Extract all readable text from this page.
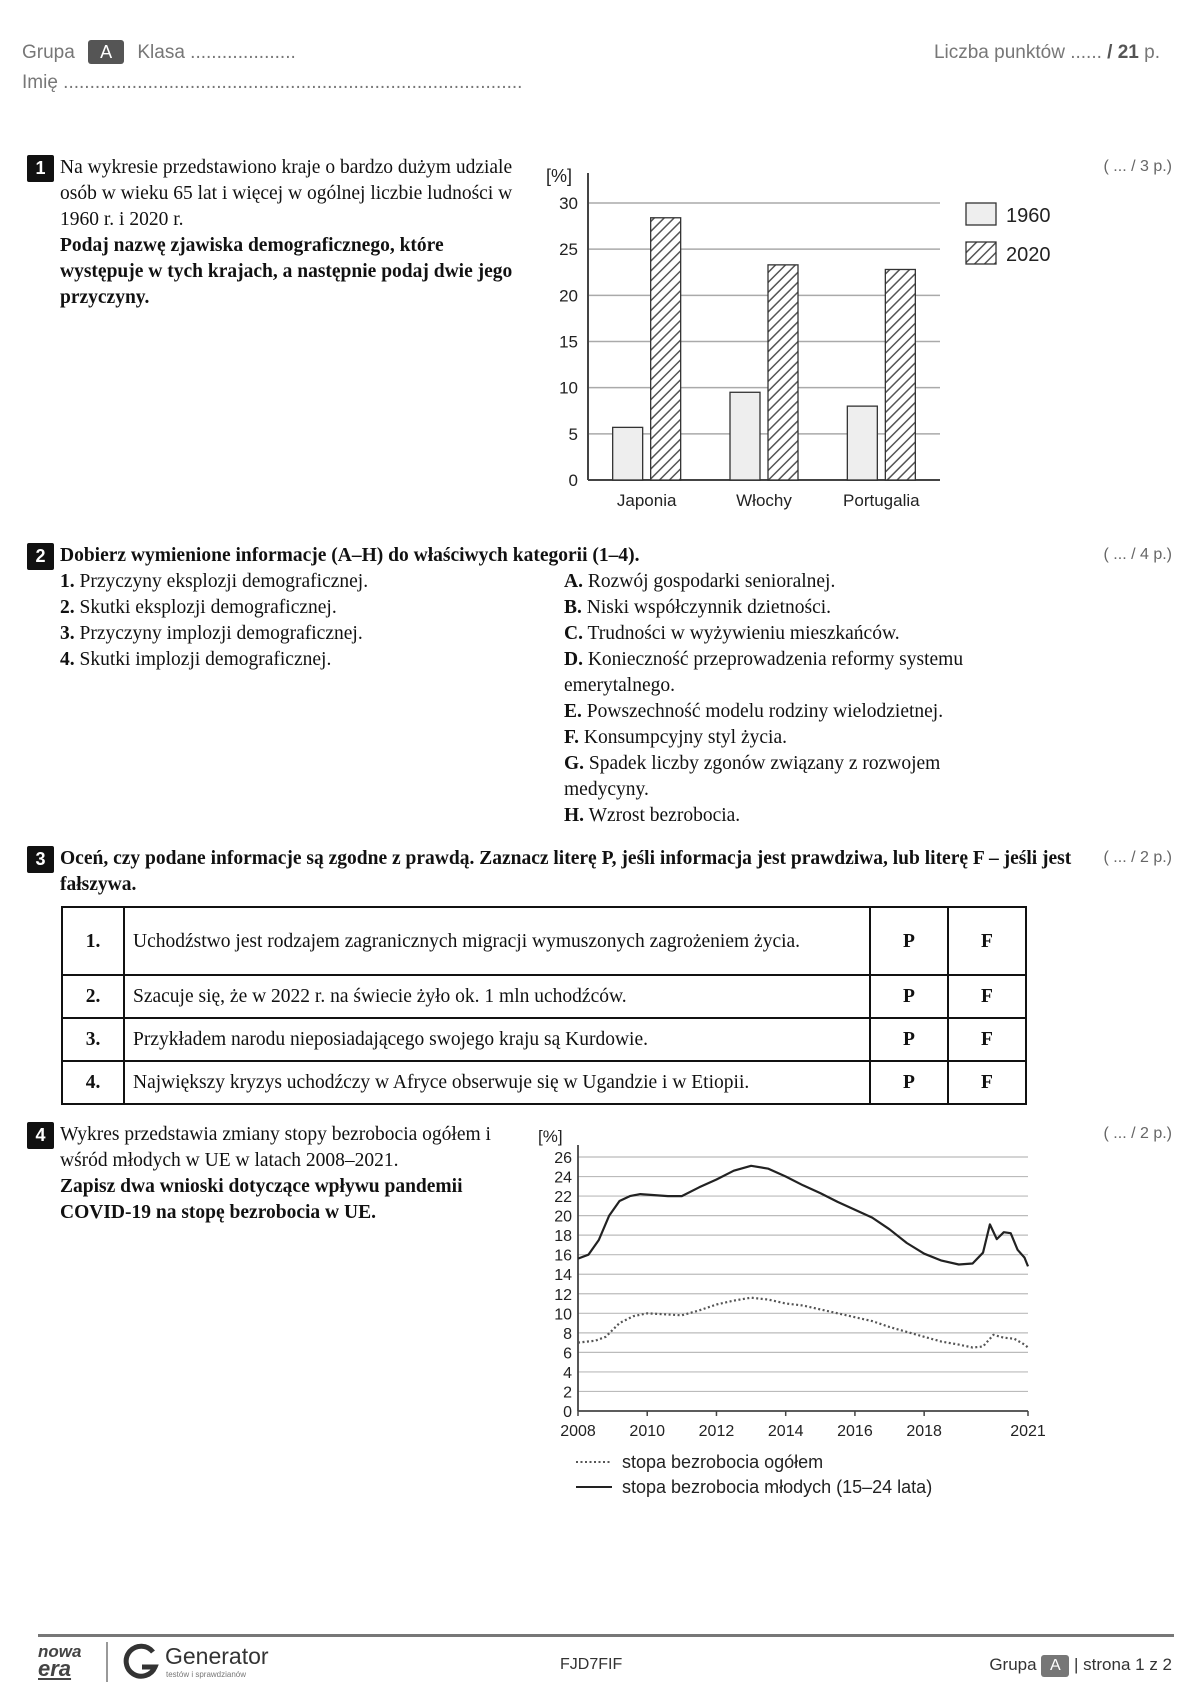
Grupa A Klasa ....................
Imię .......................................................................................
Liczba punktów ...... / 21 p.
1	( ... / 3 p.)
Na wykresie przedstawiono kraje o bardzo dużym udziale osób w wieku 65 lat i więcej w ogólnej liczbie ludności w 1960 r. i 2020 r.
Podaj nazwę zjawiska demograficznego, które występuje w tych krajach, a następnie podaj dwie jego przyczyny.
[%]
0
5
10
15
20
25
30
Japonia	Włochy	Portugalia
1960
2020
2	( ... / 4 p.)
Dobierz wymienione informacje (A–H) do właściwych kategorii (1–4).
1. Przyczyny eksplozji demograficznej.
2. Skutki eksplozji demograficznej.
3. Przyczyny implozji demograficznej.
4. Skutki implozji demograficznej.
A. Rozwój gospodarki senioralnej.
B. Niski współczynnik dzietności.
C. Trudności w wyżywieniu mieszkańców.
D. Konieczność przeprowadzenia reformy systemu emerytalnego.
E. Powszechność modelu rodziny wielodzietnej.
F. Konsumpcyjny styl życia.
G. Spadek liczby zgonów związany z rozwojem medycyny.
H. Wzrost bezrobocia.
3	( ... / 2 p.)
Oceń, czy podane informacje są zgodne z prawdą. Zaznacz literę P, jeśli informacja jest prawdziwa, lub literę F – jeśli jest fałszywa.
1.	Uchodźstwo jest rodzajem zagranicznych migracji wymuszonych zagrożeniem życia.	P	F
2.	Szacuje się, że w 2022 r. na świecie żyło ok. 1 mln uchodźców.	P	F
3.	Przykładem narodu nieposiadającego swojego kraju są Kurdowie.	P	F
4.	Największy kryzys uchodźczy w Afryce obserwuje się w Ugandzie i w Etiopii.	P	F
4	( ... / 2 p.)
Wykres przedstawia zmiany stopy bezrobocia ogółem i wśród młodych w UE w latach 2008–2021.
Zapisz dwa wnioski dotyczące wpływu pandemii COVID-19 na stopę bezrobocia w UE.
[%]
0
2
4
6
8
10
12
14
16
18
20
22
24
26
2008 2010 2012 2014 2016 2018	2021
stopa bezrobocia ogółem
stopa bezrobocia młodych (15–24 lata)
nowa
era	Generator
testów i sprawdzianów
FJD7FIF	Grupa A | strona 1 z 2
